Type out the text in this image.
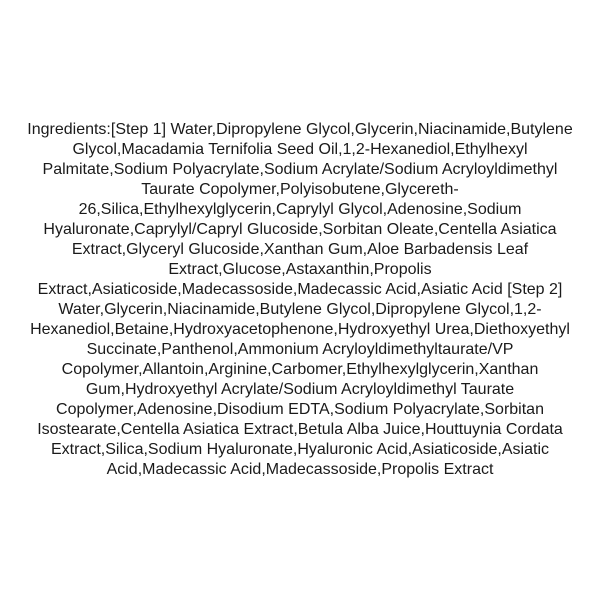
Ingredients:[Step 1] Water,Dipropylene Glycol,Glycerin,Niacinamide,Butylene Glycol,Macadamia Ternifolia Seed Oil,1,2-Hexanediol,Ethylhexyl Palmitate,Sodium Polyacrylate,Sodium Acrylate/Sodium Acryloyldimethyl Taurate Copolymer,Polyisobutene,Glycereth-26,Silica,Ethylhexylglycerin,Caprylyl Glycol,Adenosine,Sodium Hyaluronate,Caprylyl/Capryl Glucoside,Sorbitan Oleate,Centella Asiatica Extract,Glyceryl Glucoside,Xanthan Gum,Aloe Barbadensis Leaf Extract,Glucose,Astaxanthin,Propolis Extract,Asiaticoside,Madecassoside,Madecassic Acid,Asiatic Acid [Step 2] Water,Glycerin,Niacinamide,Butylene Glycol,Dipropylene Glycol,1,2-Hexanediol,Betaine,Hydroxyacetophenone,Hydroxyethyl Urea,Diethoxyethyl Succinate,Panthenol,Ammonium Acryloyldimethyltaurate/VP Copolymer,Allantoin,Arginine,Carbomer,Ethylhexylglycerin,Xanthan Gum,Hydroxyethyl Acrylate/Sodium Acryloyldimethyl Taurate Copolymer,Adenosine,Disodium EDTA,Sodium Polyacrylate,Sorbitan Isostearate,Centella Asiatica Extract,Betula Alba Juice,Houttuynia Cordata Extract,Silica,Sodium Hyaluronate,Hyaluronic Acid,Asiaticoside,Asiatic Acid,Madecassic Acid,Madecassoside,Propolis Extract
